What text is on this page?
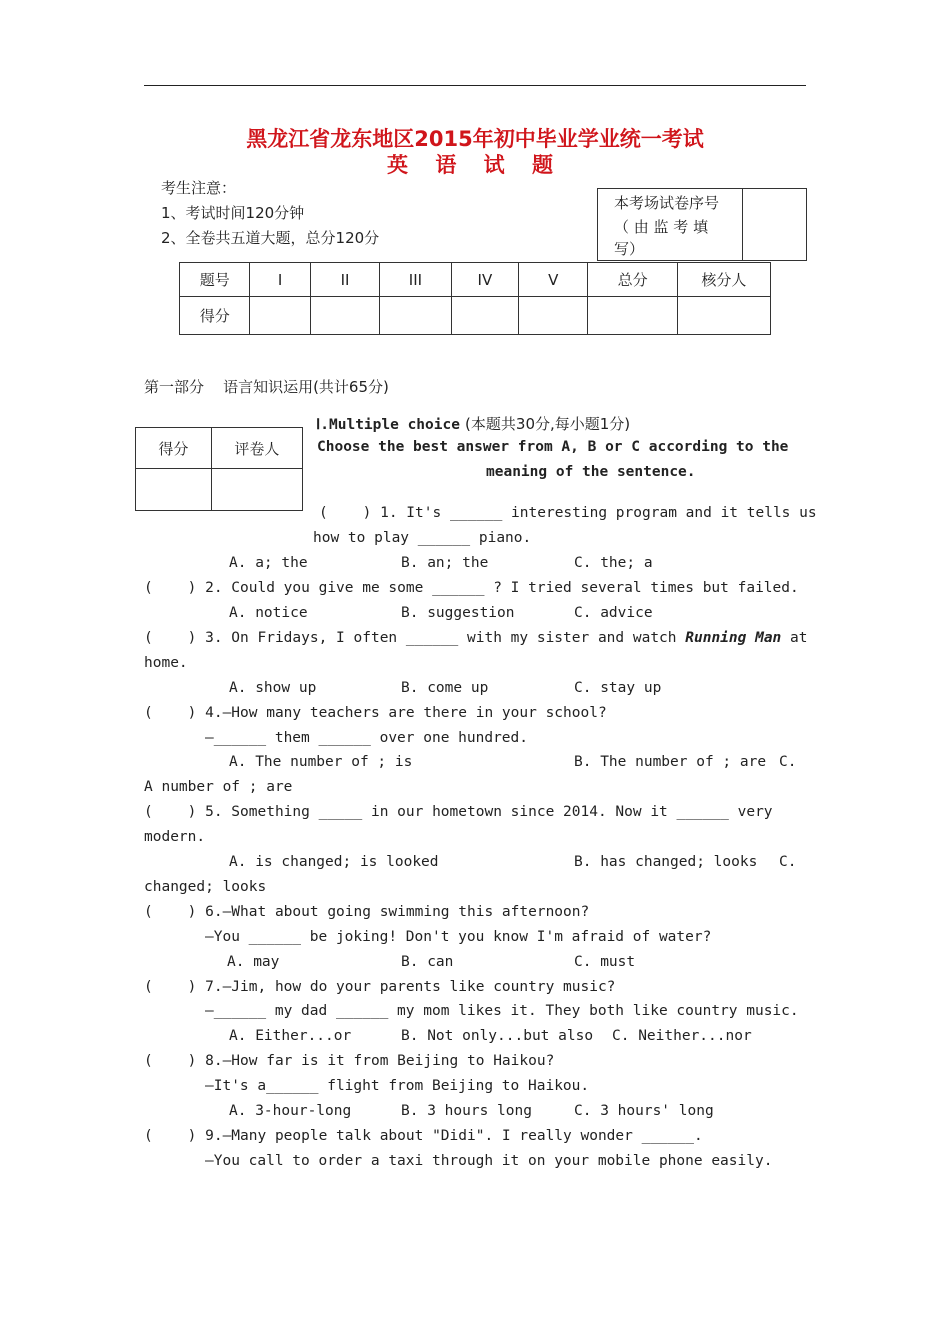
黑龙江省龙东地区2015年初中毕业学业统一考试
英 语 试 题
考生注意：
1、考试时间120分钟
2、全卷共五道大题，总分120分
本考场试卷序号
（ 由 监 考 填
写）
题号	I	II	III	IV	V	总分	核分人
得分							
第一部分    语言知识运用(共计65分)
得分	评卷人

Ⅰ.Multiple choice (本题共30分,每小题1分)
Choose the best answer from A, B or C according to the
meaning of the sentence.
(    ) 1. It's ______ interesting program and it tells us
how to play ______ piano.
A. a; the	B. an; the	C. the; a
(    ) 2. Could you give me some ______ ? I tried several times but failed.
A. notice	B. suggestion	C. advice
(    ) 3. On Fridays, I often ______ with my sister and watch Running Man at
home.
A. show up	B. come up	C. stay up
(    ) 4.—How many teachers are there in your school?
—______ them ______ over one hundred.
A. The number of ; is	B. The number of ; are C.
A number of ; are
(    ) 5. Something _____ in our hometown since 2014. Now it ______ very
modern.
A. is changed; is looked	B. has changed; looks C.
changed; looks
(    ) 6.—What about going swimming this afternoon?
—You ______ be joking! Don't you know I'm afraid of water?
A. may	B. can	C. must
(    ) 7.—Jim, how do your parents like country music?
—______ my dad ______ my mom likes it. They both like country music.
A. Either...or	B. Not only...but also C. Neither...nor
(    ) 8.—How far is it from Beijing to Haikou?
—It's a______ flight from Beijing to Haikou.
A. 3-hour-long	B. 3 hours long	C. 3 hours' long
(    ) 9.—Many people talk about "Didi". I really wonder ______.
—You call to order a taxi through it on your mobile phone easily.
